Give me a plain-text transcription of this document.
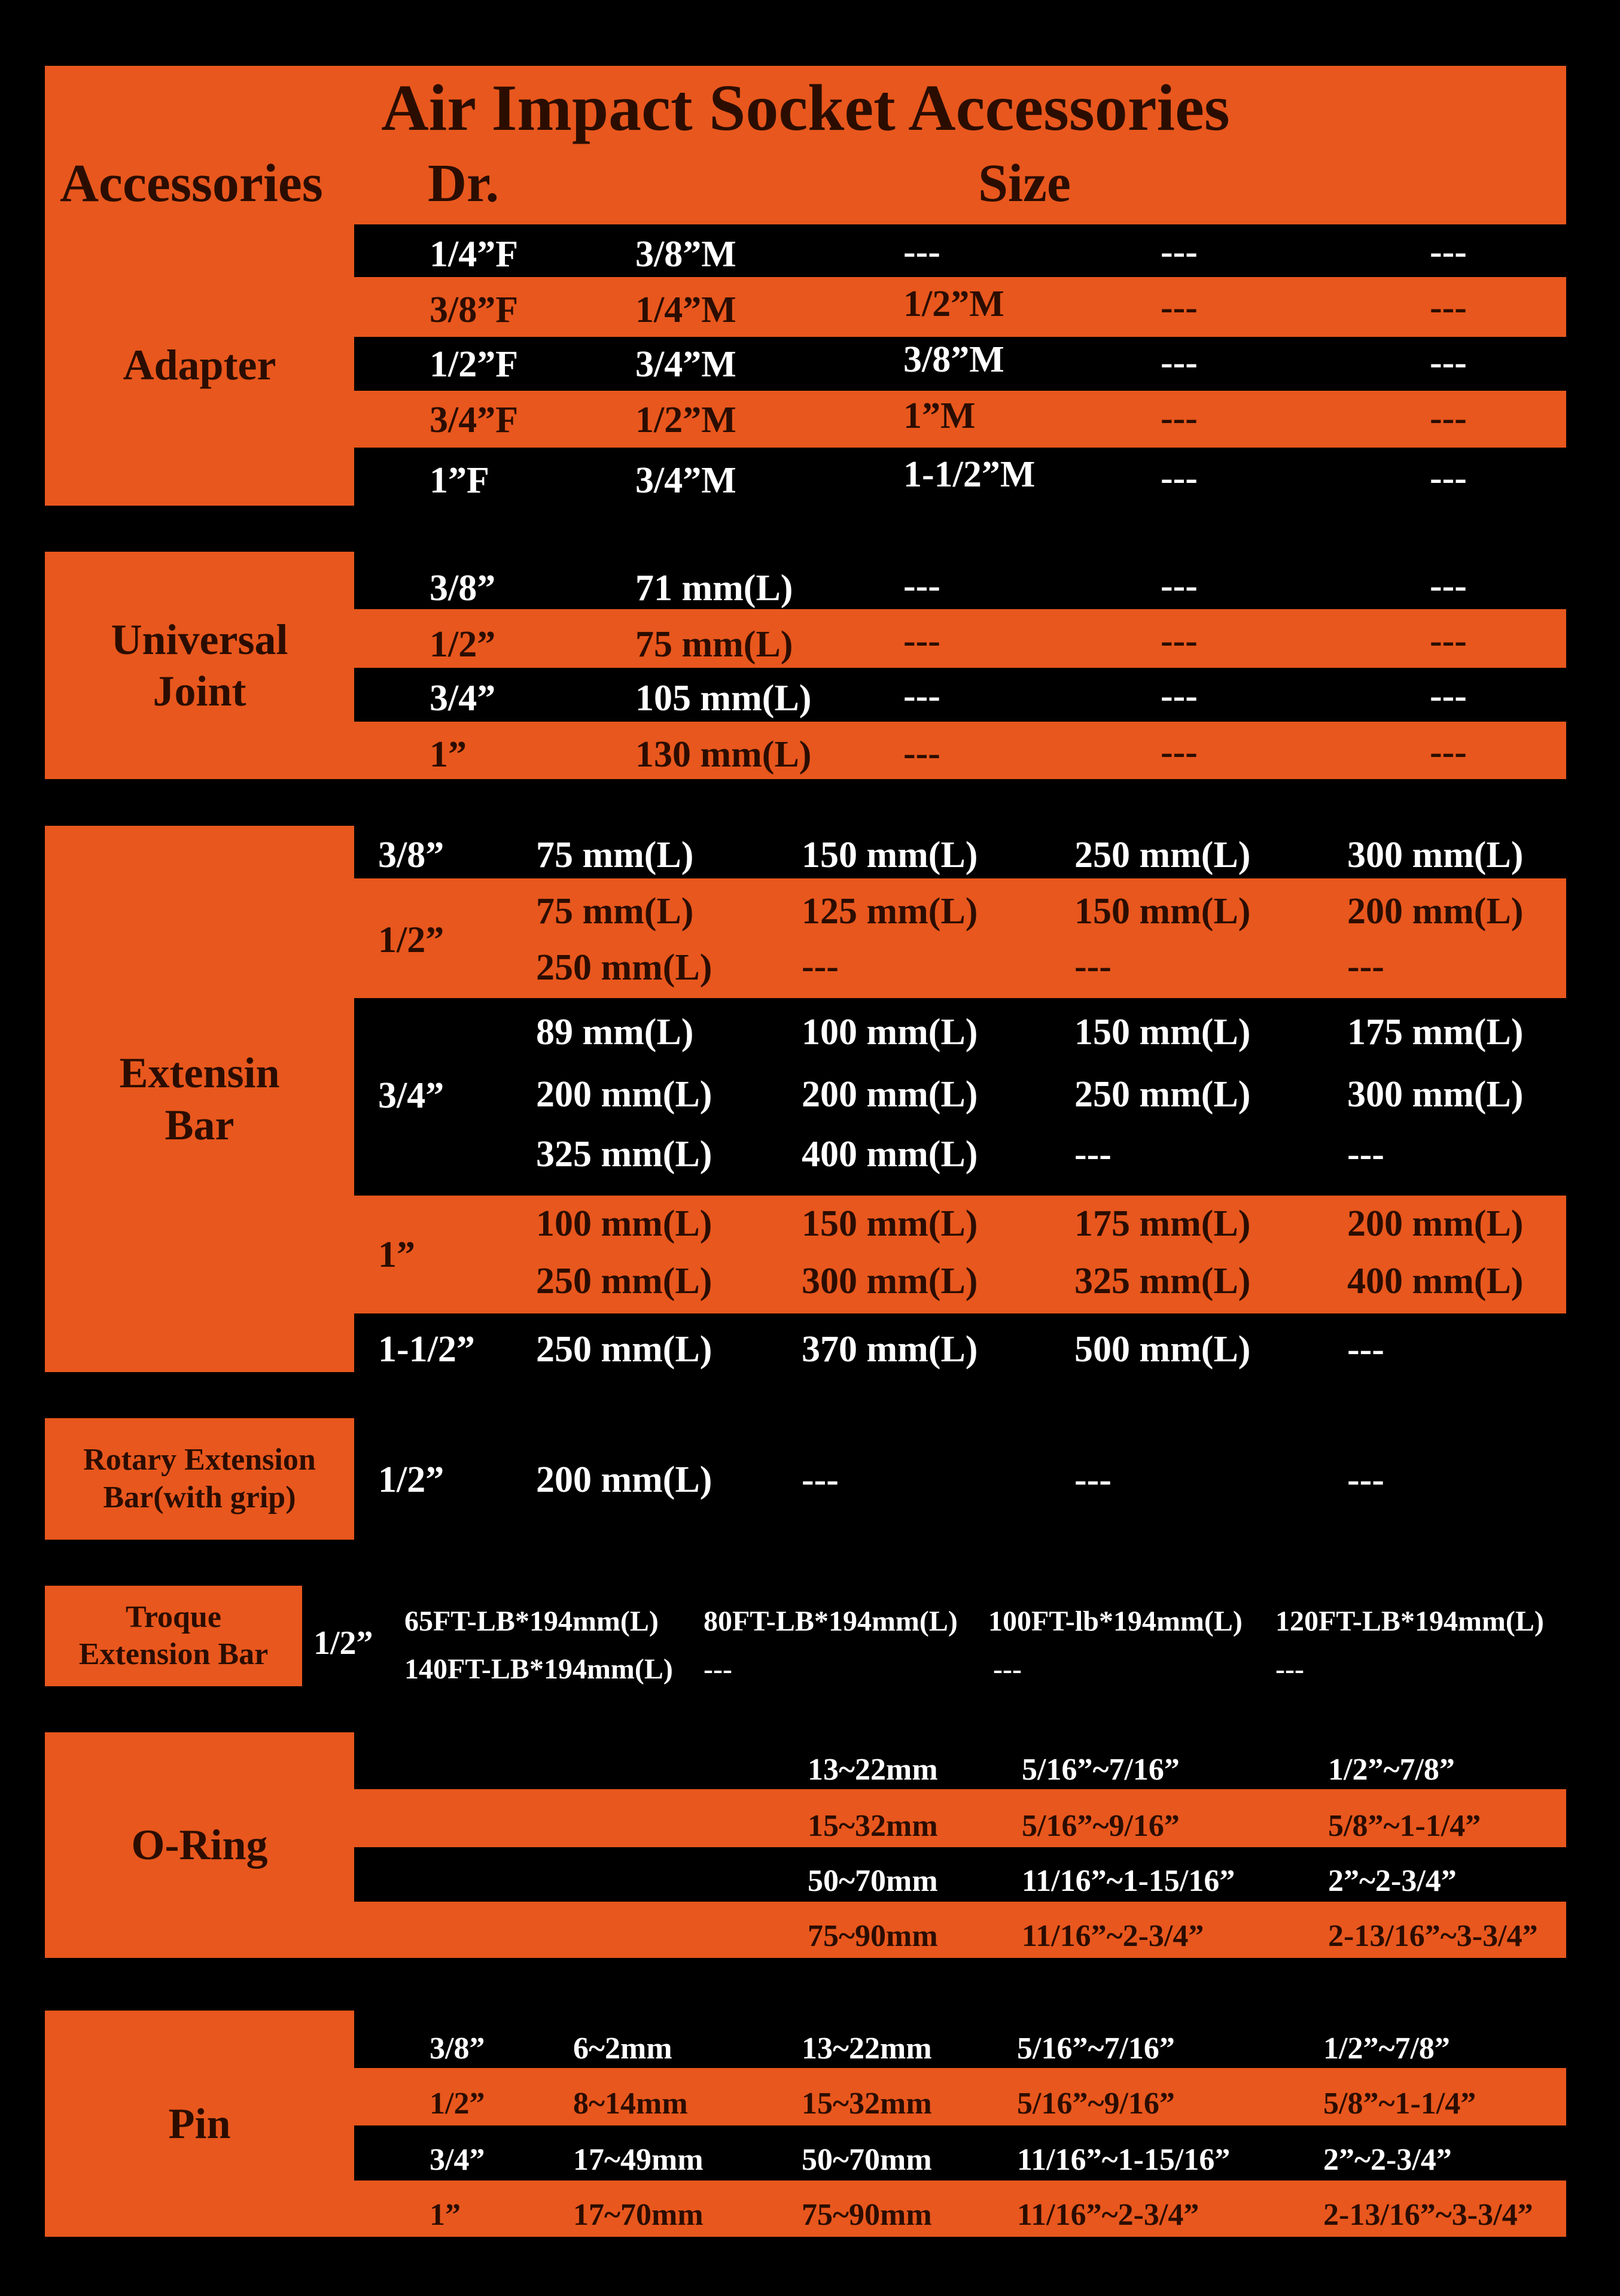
Air Impact Socket Accessories
Accessories Dr.	Size
Adapter
1/4”F	3/8”M	---	---	---
3/8”F	1/4”M	1/2”M	---	---
1/2”F	3/4”M	3/8”M	---	---
3/4”F	1/2”M	1”M	---	---
1”F	3/4”M	1-1/2”M	---	---
Universal
Joint
3/8”	71 mm(L)	---	---	---
1/2”	75 mm(L)	---	---	---
3/4”	105 mm(L) ---	---	---
1”	130 mm(L) ---	---	---
Extensin
Bar
3/8” 75 mm(L)	150 mm(L)	250 mm(L)	300 mm(L)
1/2”
75 mm(L)	125 mm(L)	150 mm(L)	200 mm(L)
250 mm(L) ---	---	---
3/4”
89 mm(L)	100 mm(L)	150 mm(L)	175 mm(L)
200 mm(L) 200 mm(L)	250 mm(L)	300 mm(L)
325 mm(L) 400 mm(L)	---	---
1”
100 mm(L) 150 mm(L)	175 mm(L)	200 mm(L)
250 mm(L) 300 mm(L)	325 mm(L)	400 mm(L)
1-1/2” 250 mm(L) 370 mm(L)	500 mm(L)	---
Rotary Extension
Bar(with grip) 1/2” 200 mm(L) ---	---	---
Troque
Extension Bar 1/2”
65FT-LB*194mm(L) 80FT-LB*194mm(L) 100FT-lb*194mm(L) 120FT-LB*194mm(L)
140FT-LB*194mm(L) ---	---	---
O-Ring
13~22mm	5/16”~7/16”	1/2”~7/8”
15~32mm	5/16”~9/16”	5/8”~1-1/4”
50~70mm	11/16”~1-15/16”	2”~2-3/4”
75~90mm	11/16”~2-3/4”	2-13/16”~3-3/4”
Pin
3/8”	6~2mm	13~22mm	5/16”~7/16”	1/2”~7/8”
1/2”	8~14mm	15~32mm	5/16”~9/16”	5/8”~1-1/4”
3/4”	17~49mm	50~70mm	11/16”~1-15/16”	2”~2-3/4”
1”	17~70mm	75~90mm	11/16”~2-3/4”	2-13/16”~3-3/4”
